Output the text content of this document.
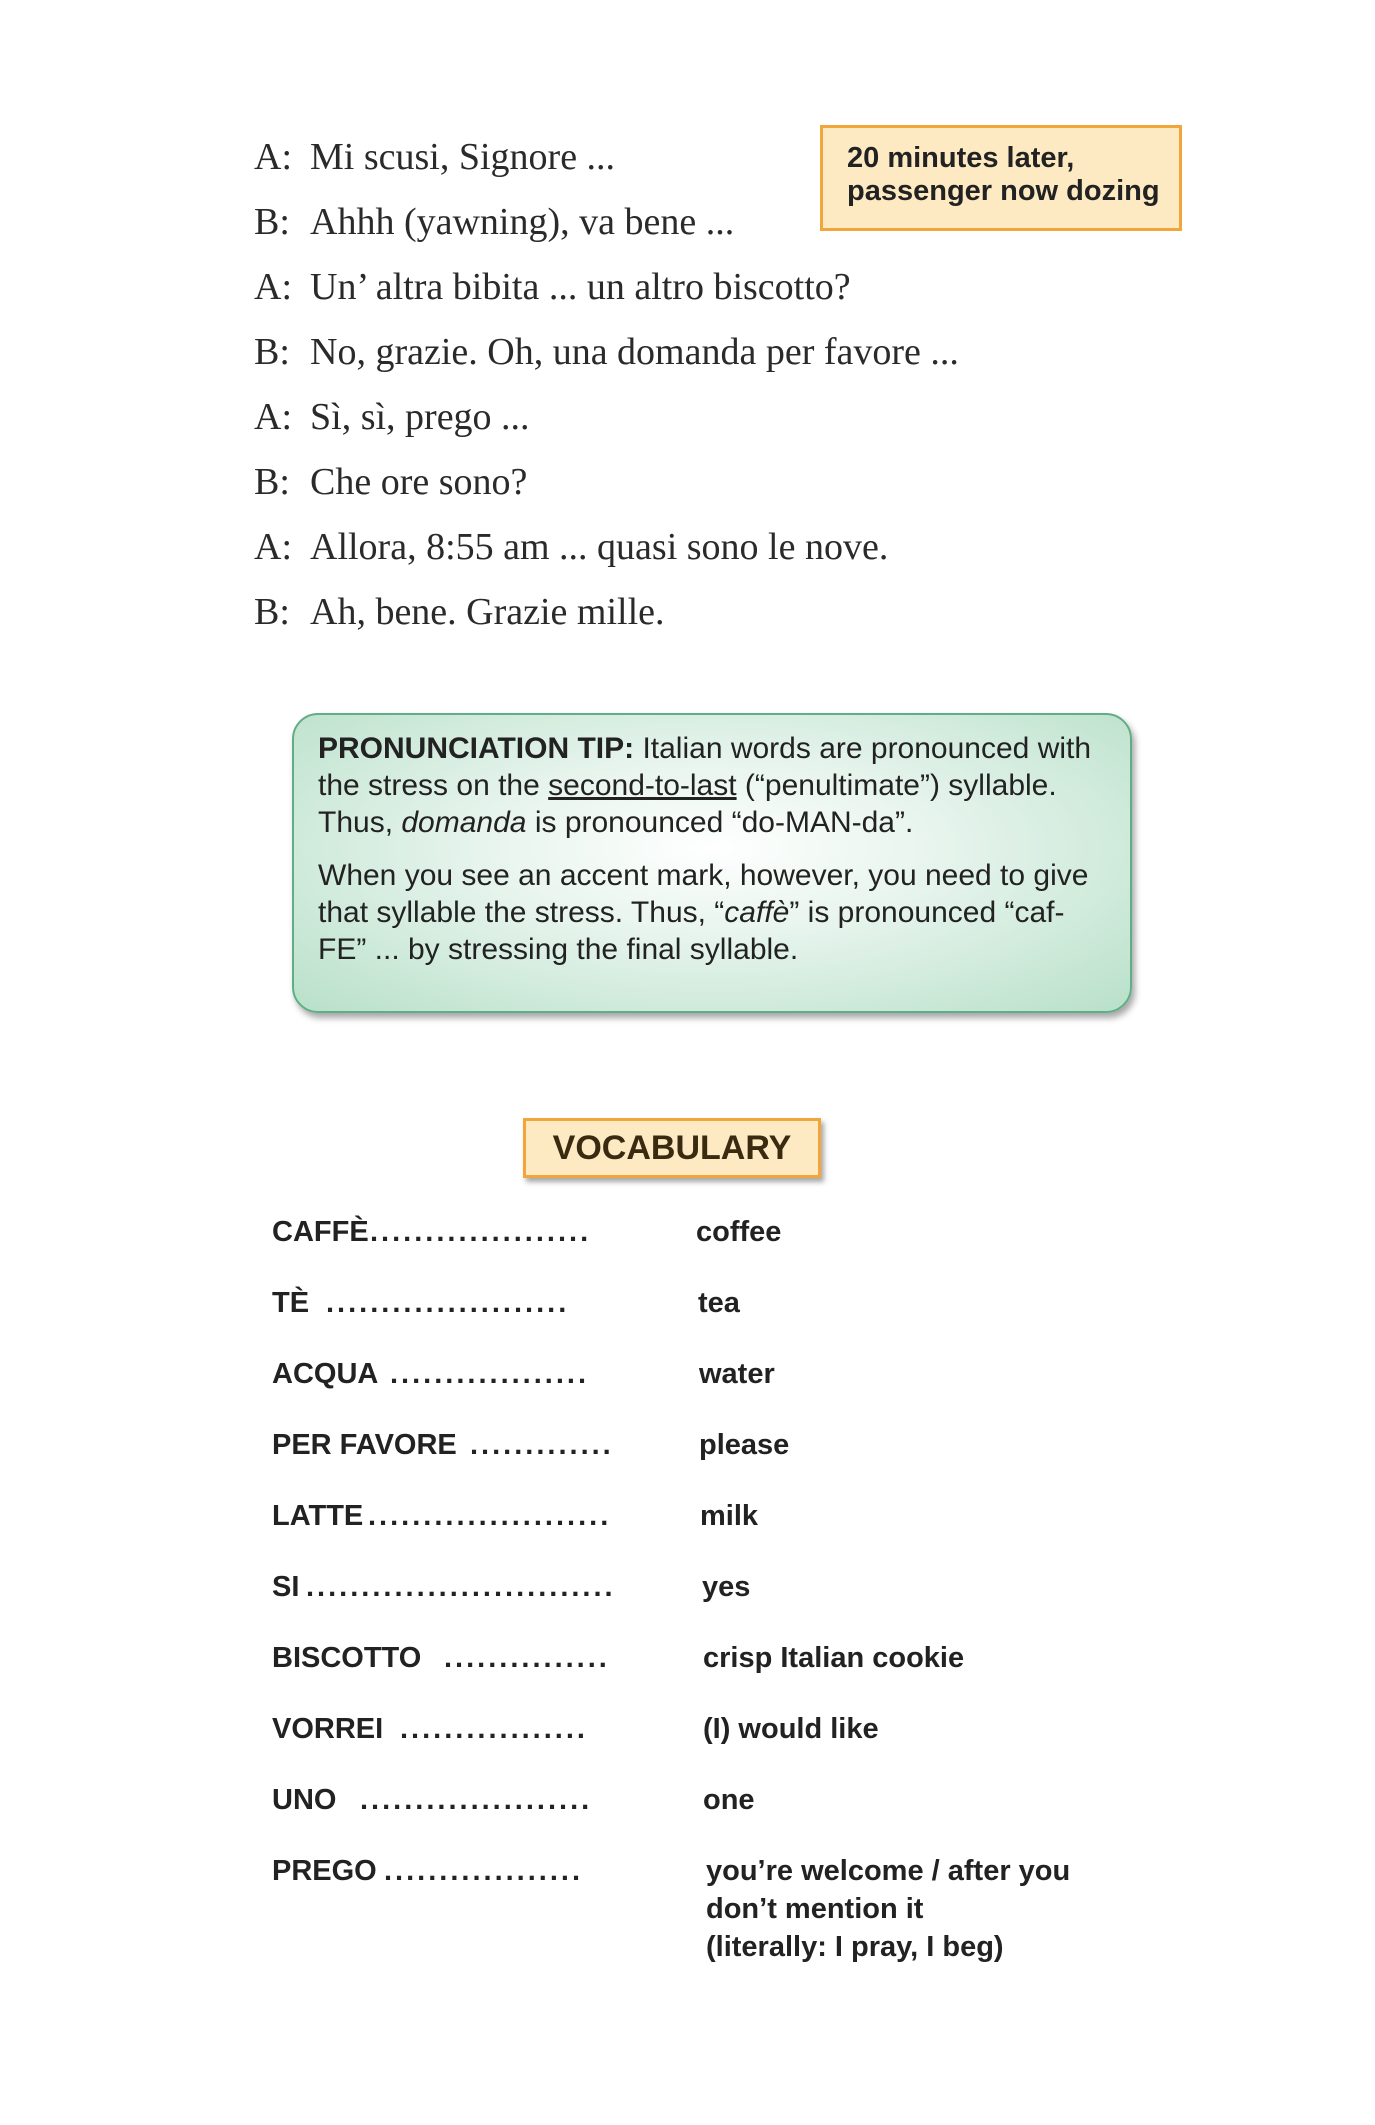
A: Mi scusi, Signore ...
B: Ahhh (yawning), va bene ...
A: Un’ altra bibita ... un altro biscotto?
B: No, grazie. Oh, una domanda per favore ...
A: Sì, sì, prego ...
B: Che ore sono?
A: Allora, 8:55 am ... quasi sono le nove.
B: Ah, bene. Grazie mille.
20 minutes later,
passenger now dozing

PRONUNCIATION TIP: Italian words are pronounced with the stress on the second-to-last (“penultimate”) syllable. Thus, domanda is pronounced “do-MAN-da”.

When you see an accent mark, however, you need to give that syllable the stress. Thus, “caffè” is pronounced “caf-FE” ... by stressing the final syllable.

VOCABULARY
CAFFÈ ....................	coffee
TÈ ......................	tea
ACQUA ..................	water
PER FAVORE .............	please
LATTE ......................	milk
SI ............................	yes
BISCOTTO ...............	crisp Italian cookie
VORREI .................	(I) would like
UNO .....................	one
PREGO ..................	you’re welcome / after you
don’t mention it
(literally: I pray, I beg)
